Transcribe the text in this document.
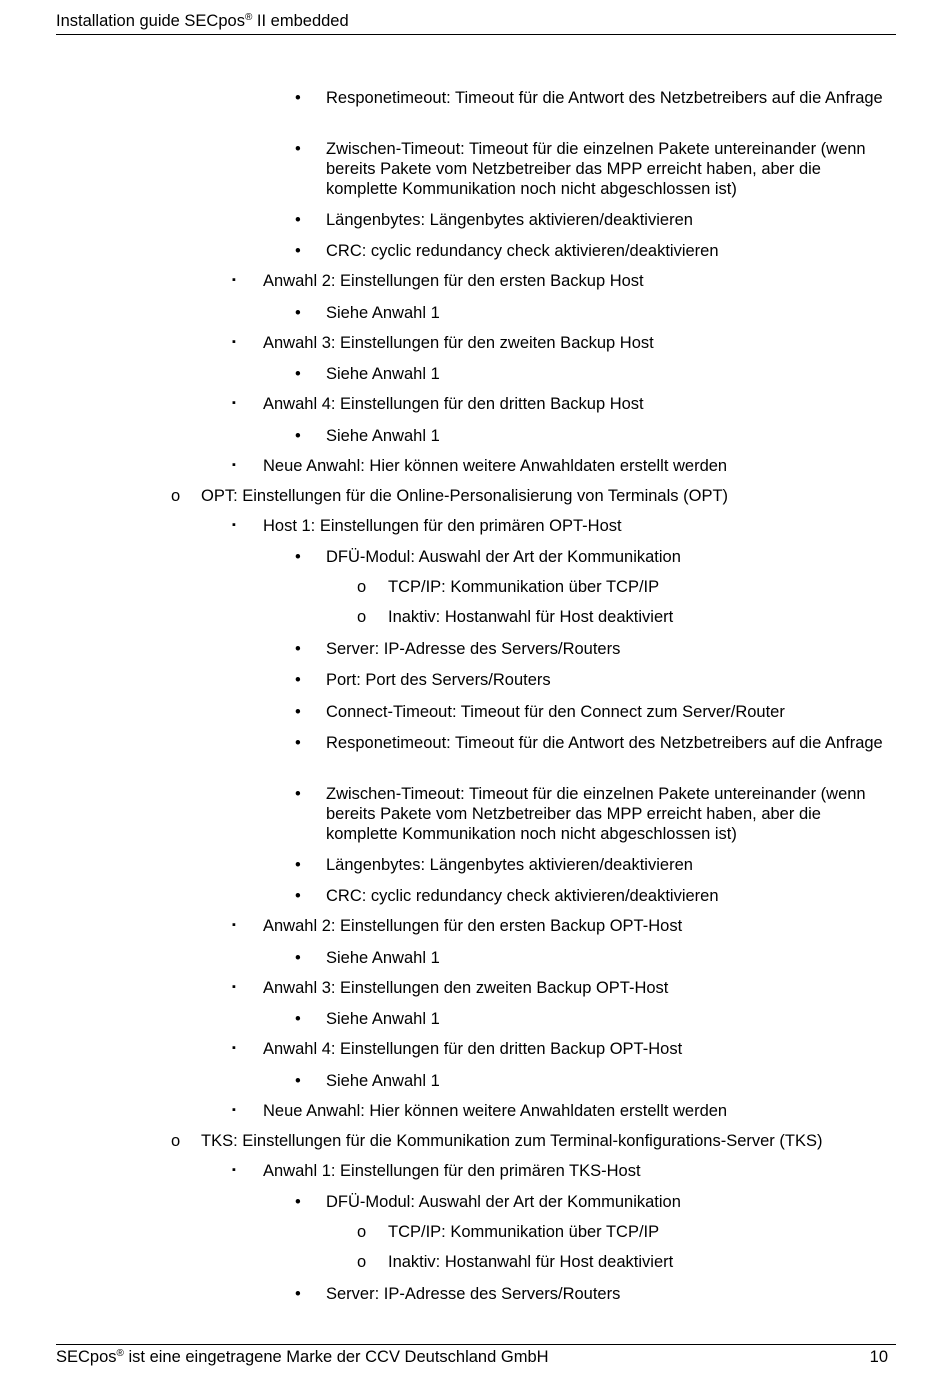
Installation guide SECpos® II embedded
• Responetimeout: Timeout für die Antwort des Netzbetreibers auf die Anfrage
• Zwischen-Timeout: Timeout für die einzelnen Pakete untereinander (wenn bereits Pakete vom Netzbetreiber das MPP erreicht haben, aber die komplette Kommunikation noch nicht abgeschlossen ist)
• Längenbytes: Längenbytes aktivieren/deaktivieren
• CRC: cyclic redundancy check aktivieren/deaktivieren
▪ Anwahl 2: Einstellungen für den ersten Backup Host
• Siehe Anwahl 1
▪ Anwahl 3: Einstellungen für den zweiten Backup Host
• Siehe Anwahl 1
▪ Anwahl 4: Einstellungen für den dritten Backup Host
• Siehe Anwahl 1
▪ Neue Anwahl: Hier können weitere Anwahldaten erstellt werden
o OPT: Einstellungen für die Online-Personalisierung von Terminals (OPT)
▪ Host 1: Einstellungen für den primären OPT-Host
• DFÜ-Modul: Auswahl der Art der Kommunikation
o TCP/IP: Kommunikation über TCP/IP
o Inaktiv: Hostanwahl für Host deaktiviert
• Server: IP-Adresse des Servers/Routers
• Port: Port des Servers/Routers
• Connect-Timeout: Timeout für den Connect zum Server/Router
• Responetimeout: Timeout für die Antwort des Netzbetreibers auf die Anfrage
• Zwischen-Timeout: Timeout für die einzelnen Pakete untereinander (wenn bereits Pakete vom Netzbetreiber das MPP erreicht haben, aber die komplette Kommunikation noch nicht abgeschlossen ist)
• Längenbytes: Längenbytes aktivieren/deaktivieren
• CRC: cyclic redundancy check aktivieren/deaktivieren
▪ Anwahl 2: Einstellungen für den ersten Backup OPT-Host
• Siehe Anwahl 1
▪ Anwahl 3: Einstellungen den zweiten Backup OPT-Host
• Siehe Anwahl 1
▪ Anwahl 4: Einstellungen für den dritten Backup OPT-Host
• Siehe Anwahl 1
▪ Neue Anwahl: Hier können weitere Anwahldaten erstellt werden
o TKS: Einstellungen für die Kommunikation zum Terminal-konfigurations-Server (TKS)
▪ Anwahl 1: Einstellungen für den primären TKS-Host
• DFÜ-Modul: Auswahl der Art der Kommunikation
o TCP/IP: Kommunikation über TCP/IP
o Inaktiv: Hostanwahl für Host deaktiviert
• Server: IP-Adresse des Servers/Routers
SECpos® ist eine eingetragene Marke der CCV Deutschland GmbH	10
